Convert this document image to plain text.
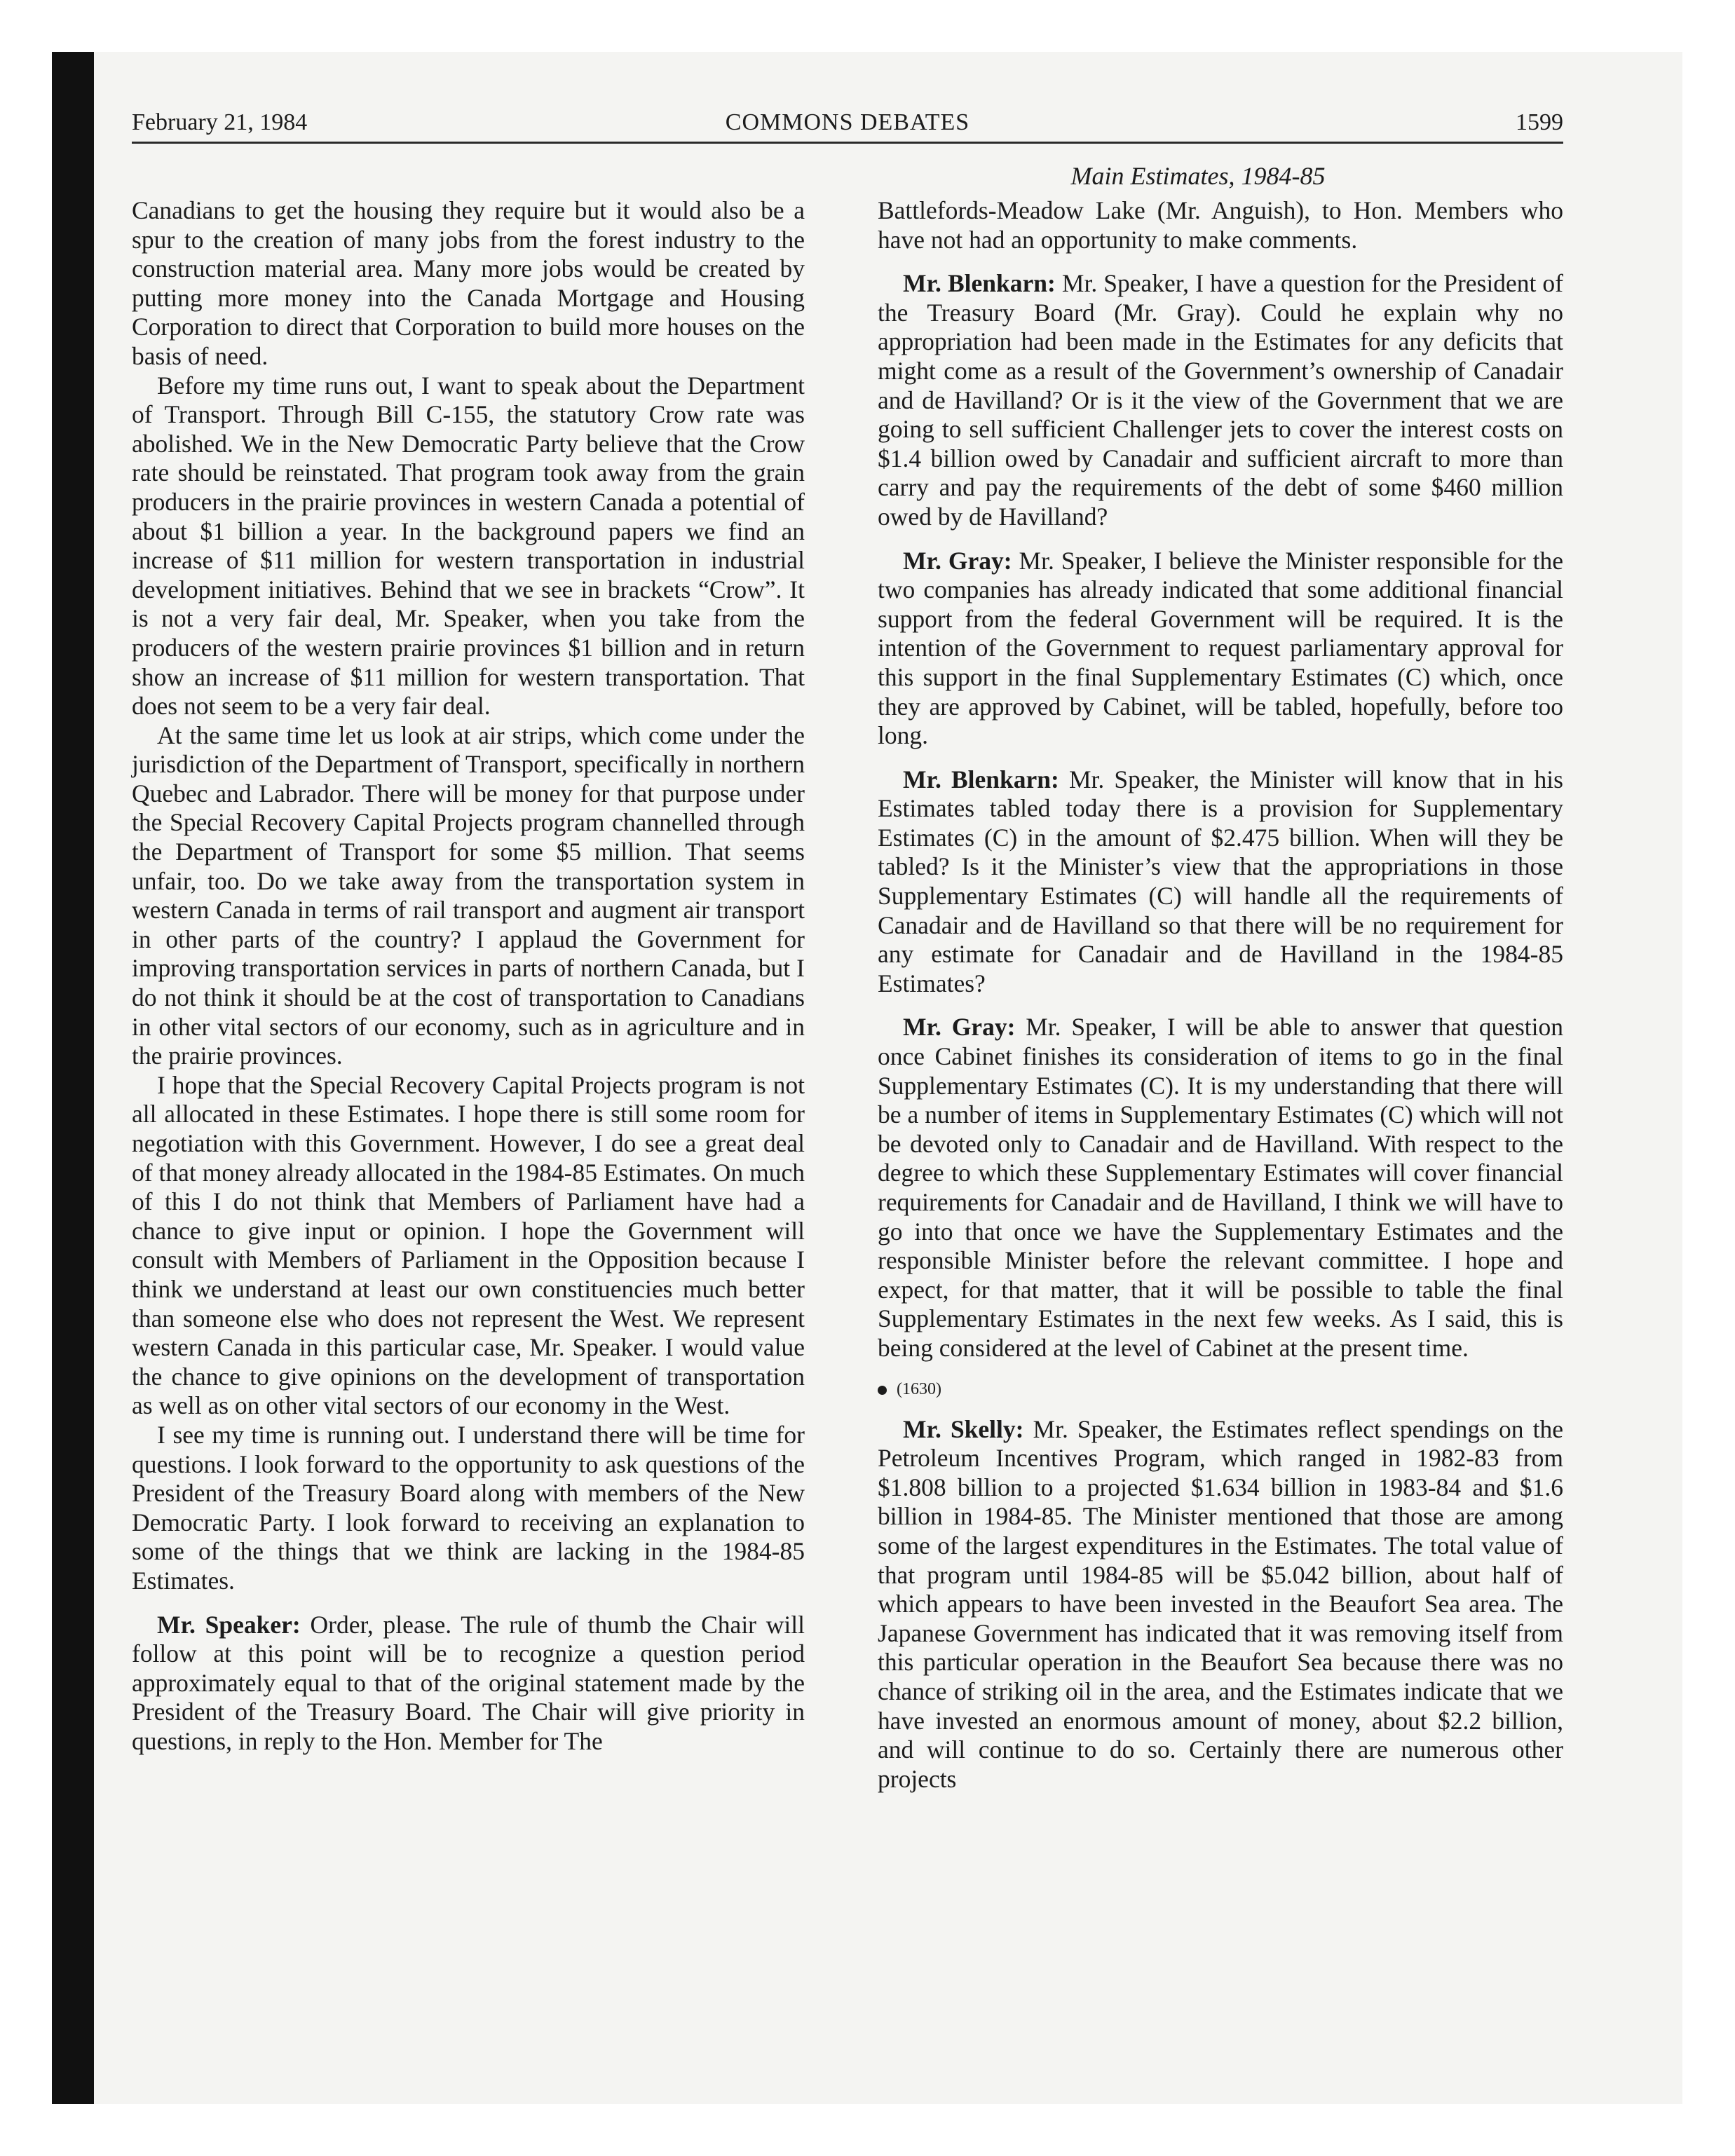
February 21, 1984	COMMONS DEBATES	1599
Main Estimates, 1984-85

Canadians to get the housing they require but it would also be a spur to the creation of many jobs from the forest industry to the construction material area. Many more jobs would be created by putting more money into the Canada Mortgage and Housing Corporation to direct that Corporation to build more houses on the basis of need.

Before my time runs out, I want to speak about the Department of Transport. Through Bill C-155, the statutory Crow rate was abolished. We in the New Democratic Party believe that the Crow rate should be reinstated. That program took away from the grain producers in the prairie provinces in western Canada a potential of about $1 billion a year. In the background papers we find an increase of $11 million for western transportation in industrial development initiatives. Behind that we see in brackets “Crow”. It is not a very fair deal, Mr. Speaker, when you take from the producers of the western prairie provinces $1 billion and in return show an increase of $11 million for western transportation. That does not seem to be a very fair deal.

At the same time let us look at air strips, which come under the jurisdiction of the Department of Transport, specifically in northern Quebec and Labrador. There will be money for that purpose under the Special Recovery Capital Projects program channelled through the Department of Transport for some $5 million. That seems unfair, too. Do we take away from the transportation system in western Canada in terms of rail transport and augment air transport in other parts of the country? I applaud the Government for improving transportation services in parts of northern Canada, but I do not think it should be at the cost of transportation to Canadians in other vital sectors of our economy, such as in agriculture and in the prairie provinces.

I hope that the Special Recovery Capital Projects program is not all allocated in these Estimates. I hope there is still some room for negotiation with this Government. However, I do see a great deal of that money already allocated in the 1984-85 Estimates. On much of this I do not think that Members of Parliament have had a chance to give input or opinion. I hope the Government will consult with Members of Parliament in the Opposition because I think we understand at least our own constituencies much better than someone else who does not represent the West. We represent western Canada in this particular case, Mr. Speaker. I would value the chance to give opinions on the development of transportation as well as on other vital sectors of our economy in the West.

I see my time is running out. I understand there will be time for questions. I look forward to the opportunity to ask questions of the President of the Treasury Board along with members of the New Democratic Party. I look forward to receiving an explanation to some of the things that we think are lacking in the 1984-85 Estimates.

Mr. Speaker: Order, please. The rule of thumb the Chair will follow at this point will be to recognize a question period approximately equal to that of the original statement made by the President of the Treasury Board. The Chair will give priority in questions, in reply to the Hon. Member for The

Battlefords-Meadow Lake (Mr. Anguish), to Hon. Members who have not had an opportunity to make comments.

Mr. Blenkarn: Mr. Speaker, I have a question for the President of the Treasury Board (Mr. Gray). Could he explain why no appropriation had been made in the Estimates for any deficits that might come as a result of the Government’s ownership of Canadair and de Havilland? Or is it the view of the Government that we are going to sell sufficient Challenger jets to cover the interest costs on $1.4 billion owed by Canadair and sufficient aircraft to more than carry and pay the requirements of the debt of some $460 million owed by de Havilland?

Mr. Gray: Mr. Speaker, I believe the Minister responsible for the two companies has already indicated that some additional financial support from the federal Government will be required. It is the intention of the Government to request parliamentary approval for this support in the final Supplementary Estimates (C) which, once they are approved by Cabinet, will be tabled, hopefully, before too long.

Mr. Blenkarn: Mr. Speaker, the Minister will know that in his Estimates tabled today there is a provision for Supplementary Estimates (C) in the amount of $2.475 billion. When will they be tabled? Is it the Minister’s view that the appropriations in those Supplementary Estimates (C) will handle all the requirements of Canadair and de Havilland so that there will be no requirement for any estimate for Canadair and de Havilland in the 1984-85 Estimates?

Mr. Gray: Mr. Speaker, I will be able to answer that question once Cabinet finishes its consideration of items to go in the final Supplementary Estimates (C). It is my understanding that there will be a number of items in Supplementary Estimates (C) which will not be devoted only to Canadair and de Havilland. With respect to the degree to which these Supplementary Estimates will cover financial requirements for Canadair and de Havilland, I think we will have to go into that once we have the Supplementary Estimates and the responsible Minister before the relevant committee. I hope and expect, for that matter, that it will be possible to table the final Supplementary Estimates in the next few weeks. As I said, this is being considered at the level of Cabinet at the present time.

(1630)

Mr. Skelly: Mr. Speaker, the Estimates reflect spendings on the Petroleum Incentives Program, which ranged in 1982-83 from $1.808 billion to a projected $1.634 billion in 1983-84 and $1.6 billion in 1984-85. The Minister mentioned that those are among some of the largest expenditures in the Estimates. The total value of that program until 1984-85 will be $5.042 billion, about half of which appears to have been invested in the Beaufort Sea area. The Japanese Government has indicated that it was removing itself from this particular operation in the Beaufort Sea because there was no chance of striking oil in the area, and the Estimates indicate that we have invested an enormous amount of money, about $2.2 billion, and will continue to do so. Certainly there are numerous other projects
